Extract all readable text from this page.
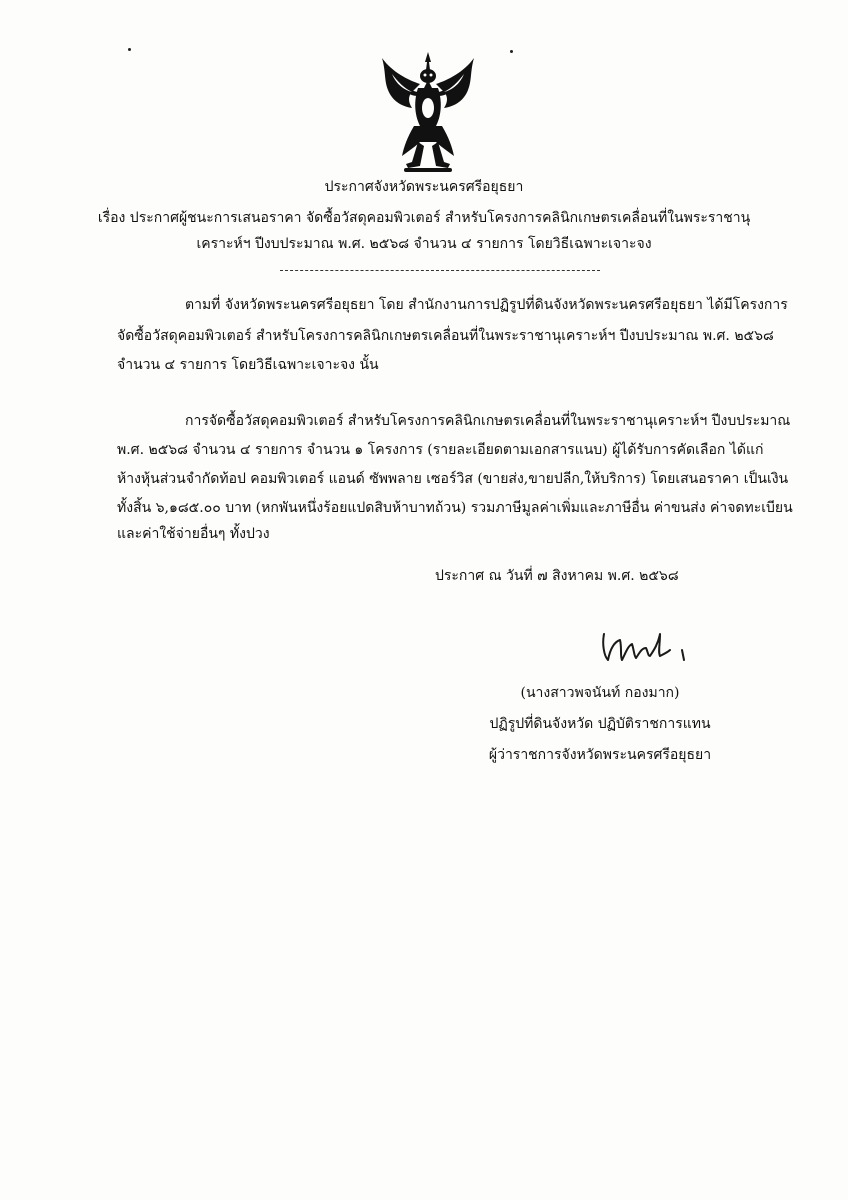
ประกาศจังหวัดพระนครศรีอยุธยา
เรื่อง ประกาศผู้ชนะการเสนอราคา จัดซื้อวัสดุคอมพิวเตอร์ สำหรับโครงการคลินิกเกษตรเคลื่อนที่ในพระราชานุ
เคราะห์ฯ ปีงบประมาณ พ.ศ. ๒๕๖๘ จำนวน ๔ รายการ โดยวิธีเฉพาะเจาะจง
ตามที่ จังหวัดพระนครศรีอยุธยา โดย สำนักงานการปฏิรูปที่ดินจังหวัดพระนครศรีอยุธยา ได้มีโครงการ
จัดซื้อวัสดุคอมพิวเตอร์ สำหรับโครงการคลินิกเกษตรเคลื่อนที่ในพระราชานุเคราะห์ฯ ปีงบประมาณ พ.ศ. ๒๕๖๘
จำนวน ๔ รายการ โดยวิธีเฉพาะเจาะจง นั้น
การจัดซื้อวัสดุคอมพิวเตอร์ สำหรับโครงการคลินิกเกษตรเคลื่อนที่ในพระราชานุเคราะห์ฯ ปีงบประมาณ
พ.ศ. ๒๕๖๘ จำนวน ๔ รายการ จำนวน ๑ โครงการ (รายละเอียดตามเอกสารแนบ) ผู้ได้รับการคัดเลือก ได้แก่
ห้างหุ้นส่วนจำกัดท้อป คอมพิวเตอร์ แอนด์ ซัพพลาย เซอร์วิส (ขายส่ง,ขายปลีก,ให้บริการ) โดยเสนอราคา เป็นเงิน
ทั้งสิ้น ๖,๑๘๕.๐๐ บาท (หกพันหนึ่งร้อยแปดสิบห้าบาทถ้วน) รวมภาษีมูลค่าเพิ่มและภาษีอื่น ค่าขนส่ง ค่าจดทะเบียน
และค่าใช้จ่ายอื่นๆ ทั้งปวง
ประกาศ ณ วันที่ ๗ สิงหาคม พ.ศ. ๒๕๖๘
(นางสาวพจนันท์ กองมาก)
ปฏิรูปที่ดินจังหวัด ปฏิบัติราชการแทน
ผู้ว่าราชการจังหวัดพระนครศรีอยุธยา
